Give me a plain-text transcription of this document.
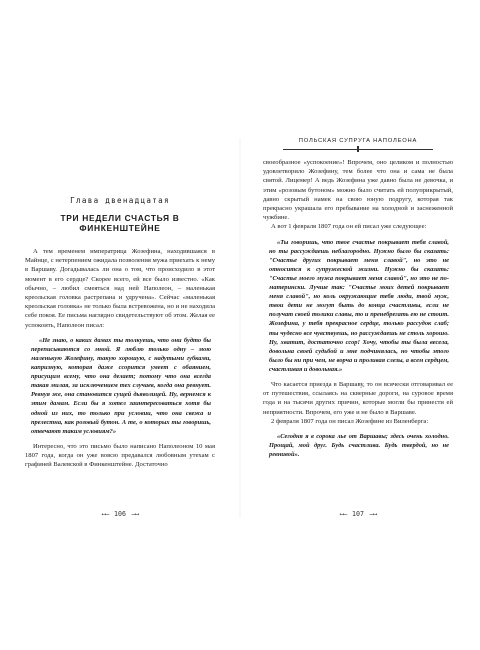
Глава двенадцатая
ТРИ НЕДЕЛИ СЧАСТЬЯ В ФИНКЕНШТЕЙНЕ

А тем временем императрица Жозефина, находившаяся в Майнце, с нетерпением ожидала позволения мужа приехать к нему в Варшаву. Догадывалась ли она о том, что происходило в этот момент в его сердце? Скорее всего, ей все было известно. «Как обычно, – любил смеяться над ней Наполеон, – маленькая креольская головка растрепана и удручена». Сейчас «маленькая креольская головка» не только была встревожена, но и не находила себе покоя. Ее письма наглядно свидетельствуют об этом. Желая ее успокоить, Наполеон писал:

«Не знаю, о каких дамах ты толкуешь, что они будто бы переписываются со мной. Я люблю только одну – мою маленькую Жозефину, такую хорошую, с надутыми губками, капризную, которая даже ссорится умеет с обаянием, присущим всему, что она делает; потому что она всегда такая милая, за исключением тех случаев, когда она ревнует. Ревнуя же, она становится сущей дьяволицей. Ну, вернемся к этим дамам. Если бы я хотел заинтересоваться хотя бы одной из них, то только при условии, что она свежа и прелестна, как розовый бутон. А те, о которых ты говоришь, отвечают таким условиям?»

Интересно, что это письмо было написано Наполеоном 10 мая 1807 года, когда он уже вовсю предавался любовным утехам с графиней Валевской в Финкенштейне. Достаточно

⟵⟵  106  ⟶⟶
ПОЛЬСКАЯ СУПРУГА НАПОЛЕОНА

своеобразное «успокоение»! Впрочем, оно целиком и полностью удовлетворило Жозефину, тем более что она и сама не была святой. Лицемер! А ведь Жозефина уже давно была не девочка, и этим «розовым бутоном» можно было считать ей полуприкрытый, давно скрытый намек на свою юную подругу, которая так прекрасно украшала его пребывание на холодной и заснеженной чужбине.

А вот 1 февраля 1807 года он ей писал уже следующее:

«Ты говоришь, что твое счастье покрывает тебя славой, но ты рассуждаешь неблагородно. Нужно было бы сказать: "Счастье других покрывает меня славой", но это не относится к супружеской жизни. Нужно бы сказать: "Счастье моего мужа покрывает меня славой", но это не по-матерински. Лучше так: "Счастье моих детей покрывает меня славой", но коль окружающие тебя люди, твой муж, твои дети не могут быть до конца счастливы, если не получат своей толики славы, то и пренебрегать ею не стоит. Жозефина, у тебя прекрасное сердце, только рассудок слаб; ты чудесно все чувствуешь, но рассуждаешь не столь хорошо. Ну, хватит, достаточно ссор! Хочу, чтобы ты была весела, довольна своей судьбой и мне подчинялась, но чтобы этого было бы ни при чем, не ворча и проливая слезы, а всем сердцем, счастливая и довольная.»

Что касается приезда в Варшаву, то он всячески отговаривал ее от путешествия, ссылаясь на скверные дороги, на суровое время года и на тысячи других причин, которые могли бы принести ей неприятности. Впрочем, его уже и не было в Варшаве.

2 февраля 1807 года он писал Жозефине из Виленберга:

«Сегодня я в сорока лье от Варшавы; здесь очень холодно. Прощай, мой друг. Будь счастлива. Будь твердой, но не ревнивой».

⟵⟵  107  ⟶⟶
